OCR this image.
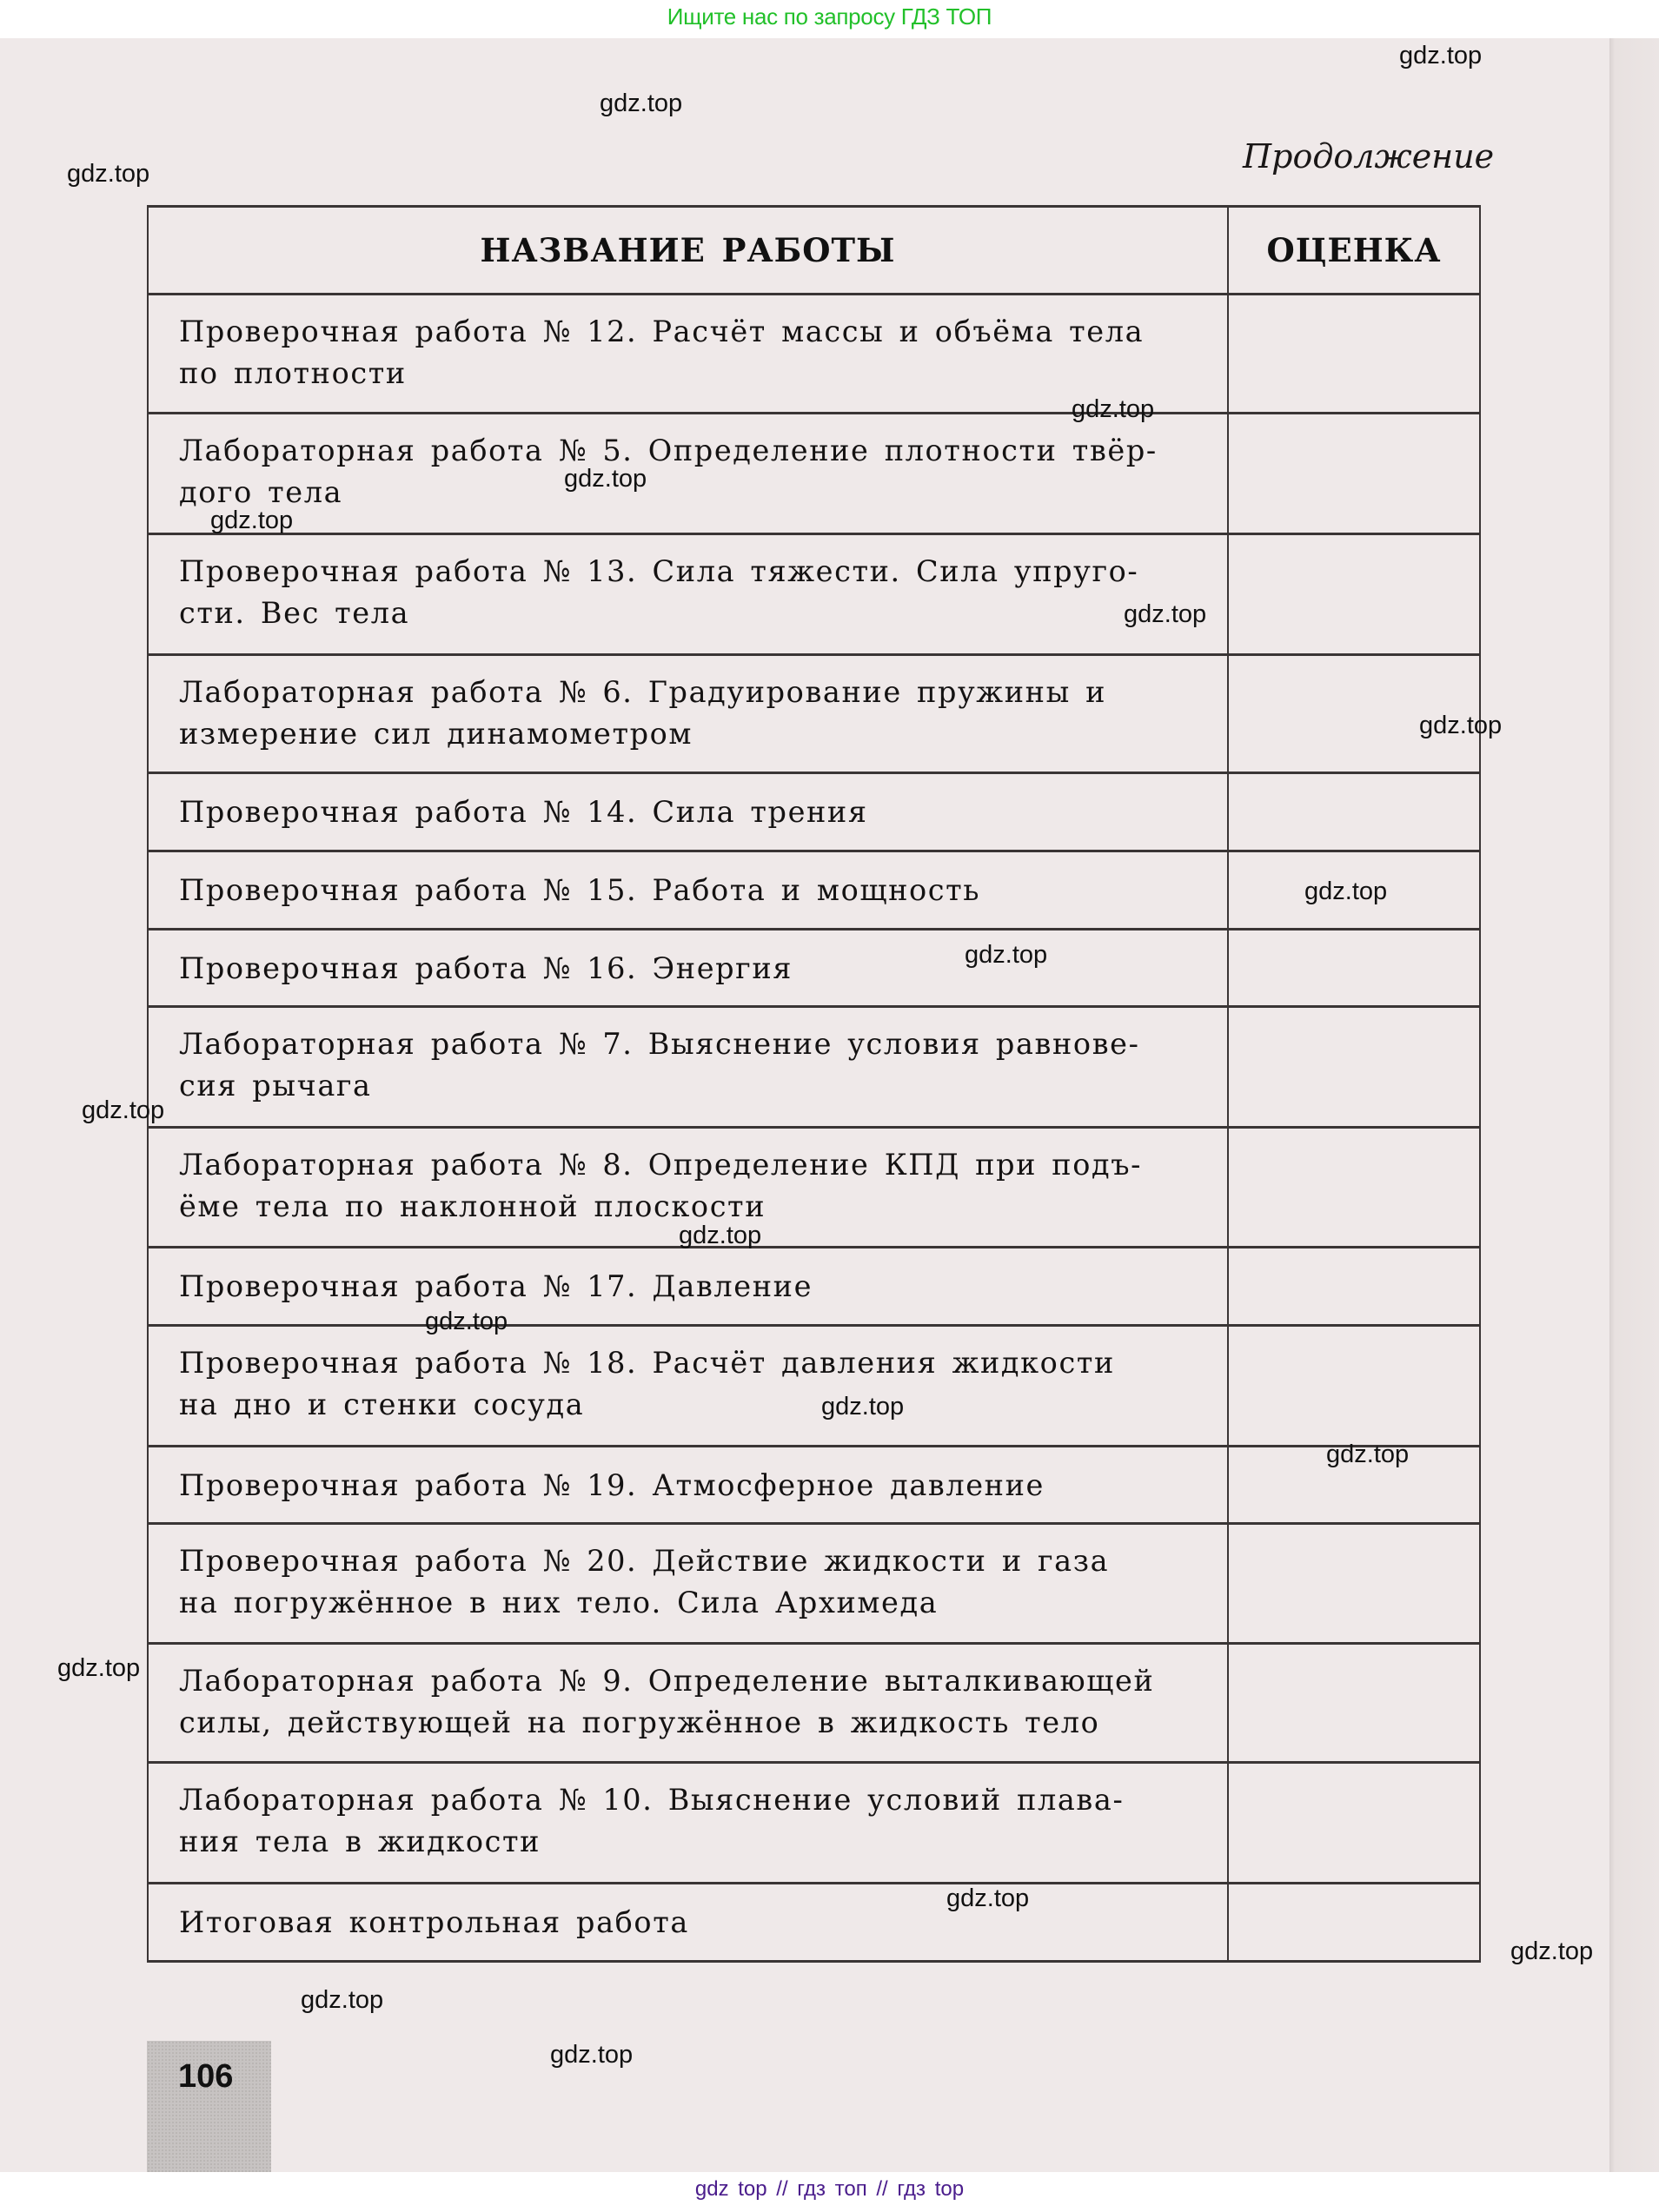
Ищите нас по запросу ГДЗ ТОП
Продолжение
НАЗВАНИЕ РАБОТЫ	ОЦЕНКА
Проверочная работа № 12. Расчёт массы и объёма тела
по плотности
Лабораторная работа № 5. Определение плотности твёр-
дого тела
Проверочная работа № 13. Сила тяжести. Сила упруго-
сти. Вес тела
Лабораторная работа № 6. Градуирование пружины и
измерение сил динамометром
Проверочная работа № 14. Сила трения
Проверочная работа № 15. Работа и мощность
Проверочная работа № 16. Энергия
Лабораторная работа № 7. Выяснение условия равнове-
сия рычага
Лабораторная работа № 8. Определение КПД при подъ-
ёме тела по наклонной плоскости
Проверочная работа № 17. Давление
Проверочная работа № 18. Расчёт давления жидкости
на дно и стенки сосуда
Проверочная работа № 19. Атмосферное давление
Проверочная работа № 20. Действие жидкости и газа
на погружённое в них тело. Сила Архимеда
Лабораторная работа № 9. Определение выталкивающей
силы, действующей на погружённое в жидкость тело
Лабораторная работа № 10. Выяснение условий плава-
ния тела в жидкости
Итоговая контрольная работа
gdz.top
gdz.top
gdz.top
gdz.top
gdz.top
gdz.top
gdz.top
gdz.top
gdz.top
gdz.top
gdz.top
gdz.top
gdz.top
gdz.top
gdz.top
gdz.top
gdz.top
gdz.top
gdz.top
gdz.top
106
gdz top // гдз топ // гдз top
